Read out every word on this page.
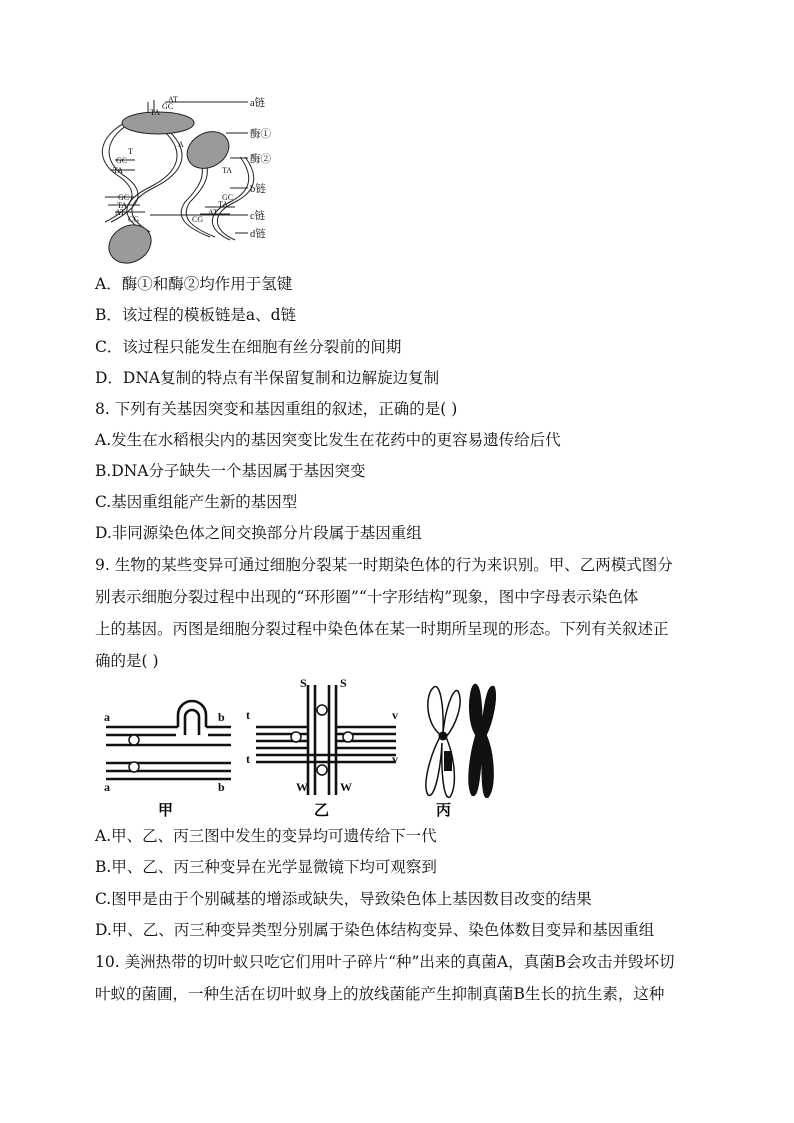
AT
GC
TA
GC
T
TA
A
TA
GC
TA
AT
CG
GC
TA
AT
CG
a链
酶①
酶②
b链
c链
d链
A．酶①和酶②均作用于氢键
B．该过程的模板链是a、d链
C．该过程只能发生在细胞有丝分裂前的间期
D．DNA复制的特点有半保留复制和边解旋边复制
8. 下列有关基因突变和基因重组的叙述，正确的是( )
A.发生在水稻根尖内的基因突变比发生在花药中的更容易遗传给后代
B.DNA分子缺失一个基因属于基因突变
C.基因重组能产生新的基因型
D.非同源染色体之间交换部分片段属于基因重组
9. 生物的某些变异可通过细胞分裂某一时期染色体的行为来识别。甲、乙两模式图分
别表示细胞分裂过程中出现的“环形圈”“十字形结构”现象，图中字母表示染色体
上的基因。丙图是细胞分裂过程中染色体在某一时期所呈现的形态。下列有关叙述正
确的是( )
a	b
a	b
甲
S	S
t	v
t	v
W	W
乙	丙
A.甲、乙、丙三图中发生的变异均可遗传给下一代
B.甲、乙、丙三种变异在光学显微镜下均可观察到
C.图甲是由于个别碱基的增添或缺失，导致染色体上基因数目改变的结果
D.甲、乙、丙三种变异类型分别属于染色体结构变异、染色体数目变异和基因重组
10. 美洲热带的切叶蚁只吃它们用叶子碎片“种”出来的真菌A，真菌B会攻击并毁坏切
叶蚁的菌圃，一种生活在切叶蚁身上的放线菌能产生抑制真菌B生长的抗生素，这种
